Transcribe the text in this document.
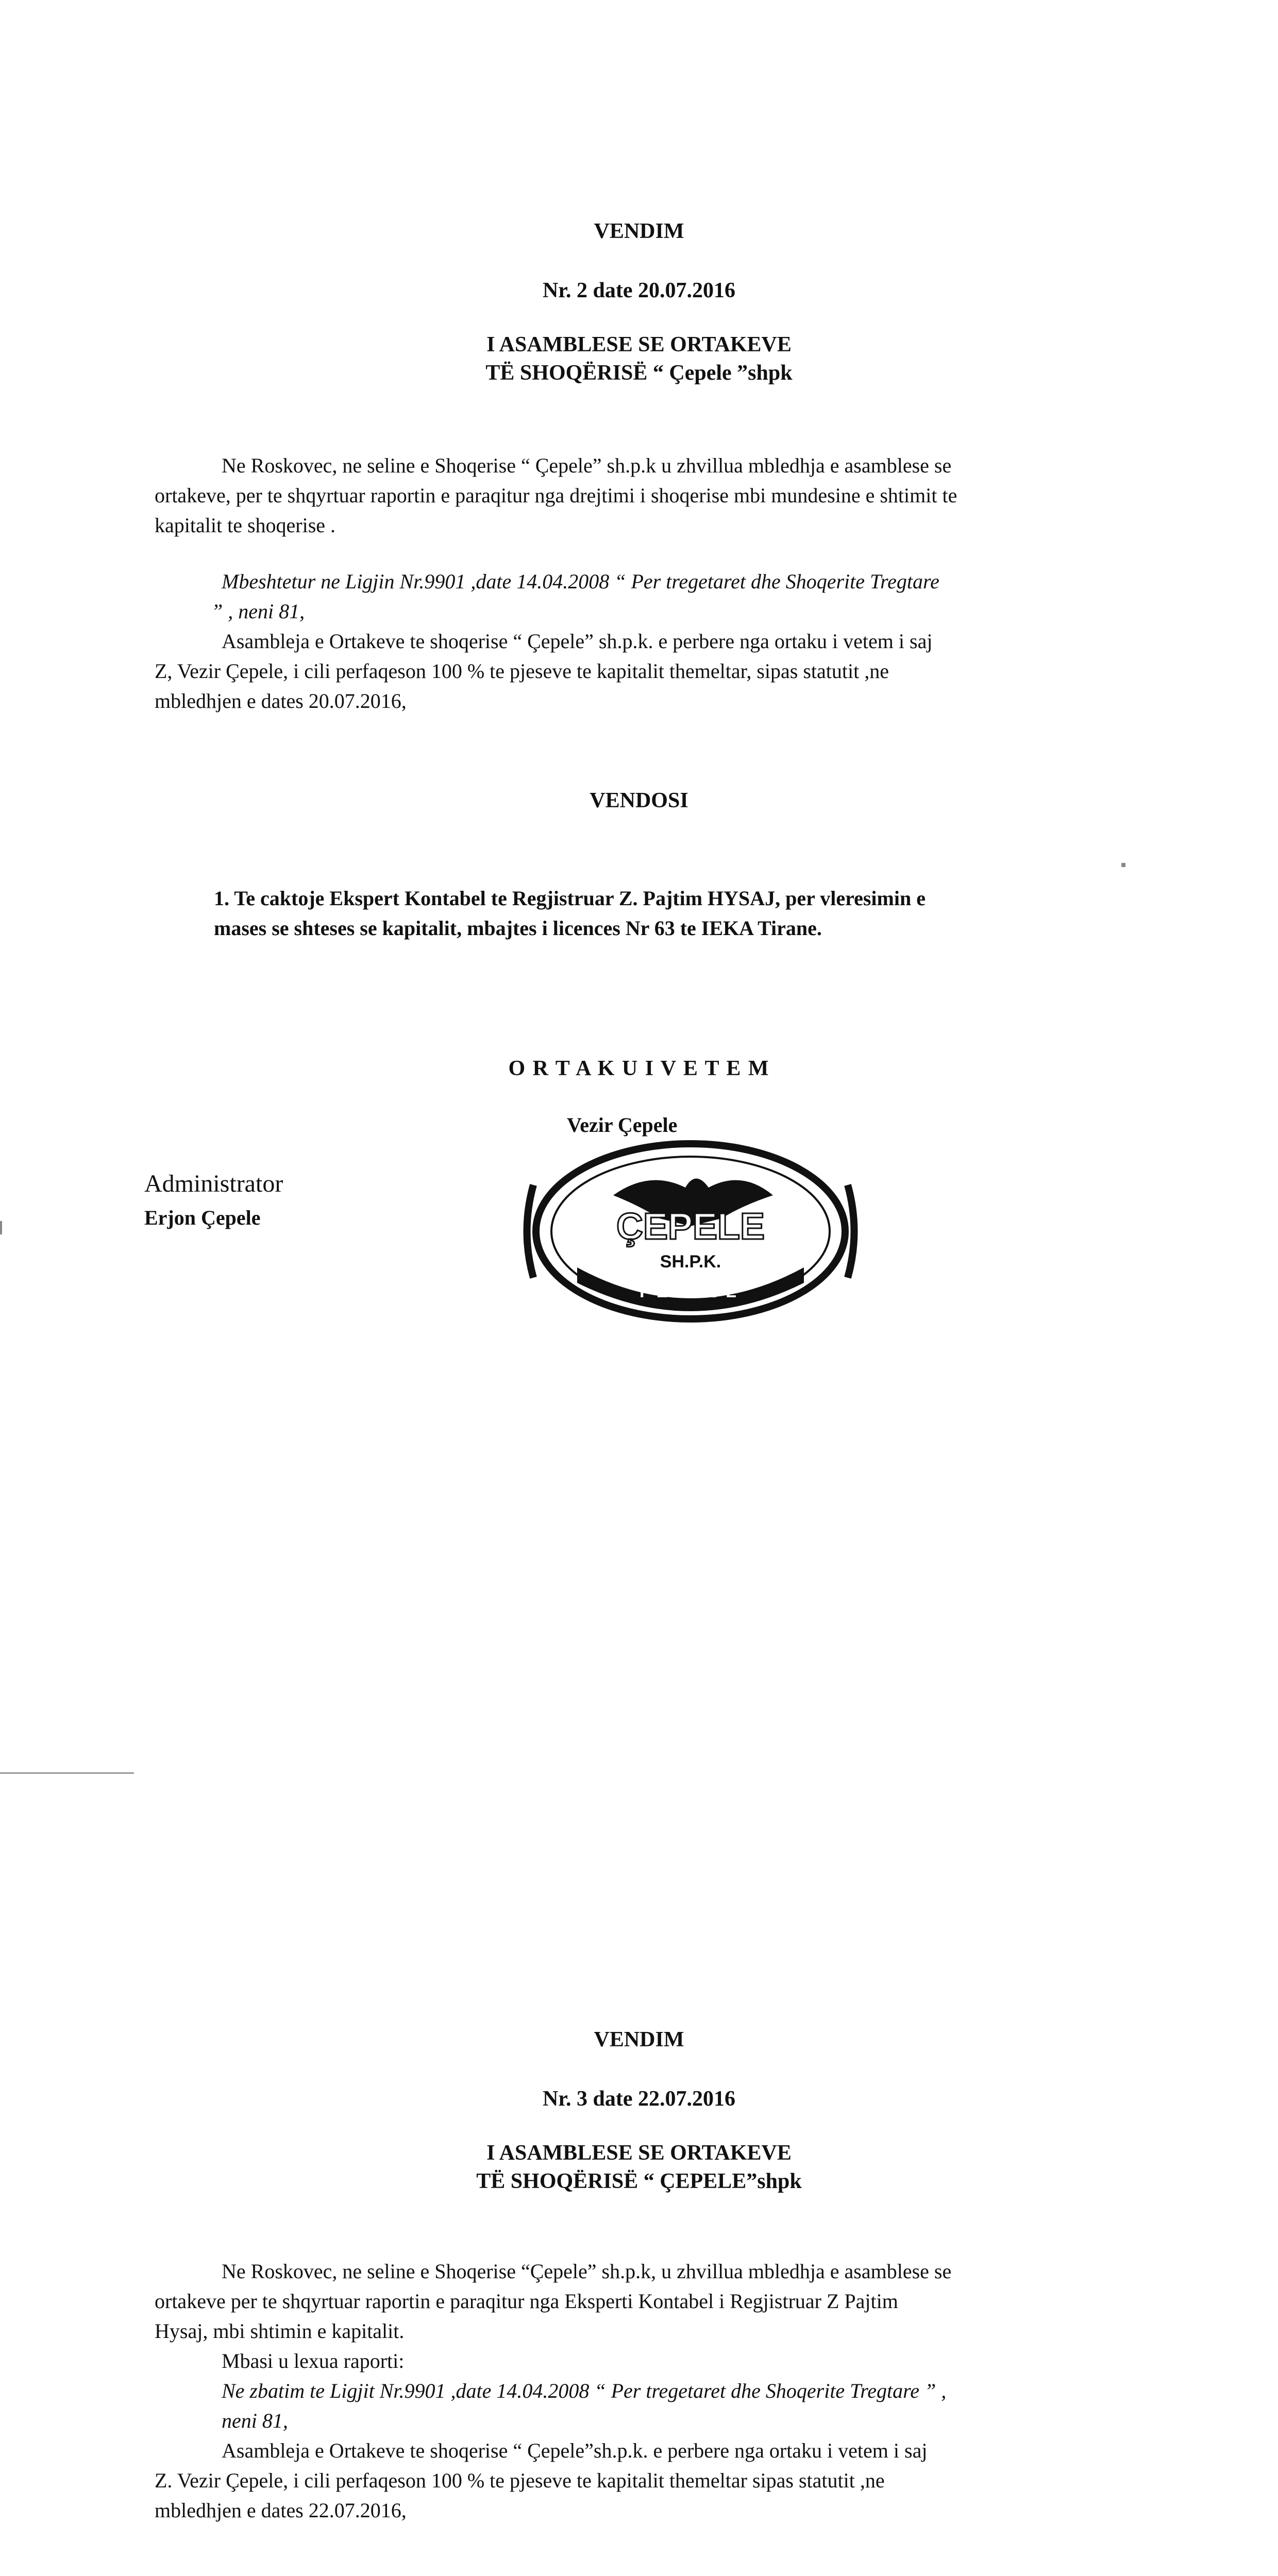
VENDIM
Nr. 2 date 20.07.2016
I ASAMBLESE SE ORTAKEVE
TË SHOQËRISË “ Çepele ”shpk
Ne Roskovec, ne seline e Shoqerise “ Çepele” sh.p.k u zhvillua mbledhja e asamblese se
ortakeve, per te shqyrtuar raportin e paraqitur nga drejtimi i shoqerise mbi mundesine e shtimit te
kapitalit te shoqerise .
Mbeshtetur ne Ligjin Nr.9901 ,date 14.04.2008 “ Per tregetaret dhe Shoqerite Tregtare
” , neni 81,
Asambleja e Ortakeve te shoqerise “ Çepele” sh.p.k. e perbere nga ortaku i vetem i saj
Z, Vezir Çepele, i cili perfaqeson 100 % te pjeseve te kapitalit themeltar, sipas statutit ,ne
mbledhjen e dates 20.07.2016,
VENDOSI
1. Te caktoje Ekspert Kontabel te Regjistruar Z. Pajtim HYSAJ, per vleresimin e
mases se shteses se kapitalit, mbajtes i licences Nr 63 te IEKA Tirane.
O R T A K U I V E T E M
Vezir Çepele
Administrator
Erjon Çepele	ÇEPELE
SH.P.K.
PETROL
VENDIM
Nr. 3 date 22.07.2016
I ASAMBLESE SE ORTAKEVE
TË SHOQËRISË “ ÇEPELE”shpk
Ne Roskovec, ne seline e Shoqerise “Çepele” sh.p.k, u zhvillua mbledhja e asamblese se
ortakeve per te shqyrtuar raportin e paraqitur nga Eksperti Kontabel i Regjistruar Z Pajtim
Hysaj, mbi shtimin e kapitalit.
Mbasi u lexua raporti:
Ne zbatim te Ligjit Nr.9901 ,date 14.04.2008 “ Per tregetaret dhe Shoqerite Tregtare ” ,
neni 81,
Asambleja e Ortakeve te shoqerise “ Çepele”sh.p.k. e perbere nga ortaku i vetem i saj
Z. Vezir Çepele, i cili perfaqeson 100 % te pjeseve te kapitalit themeltar sipas statutit ,ne
mbledhjen e dates 22.07.2016,
